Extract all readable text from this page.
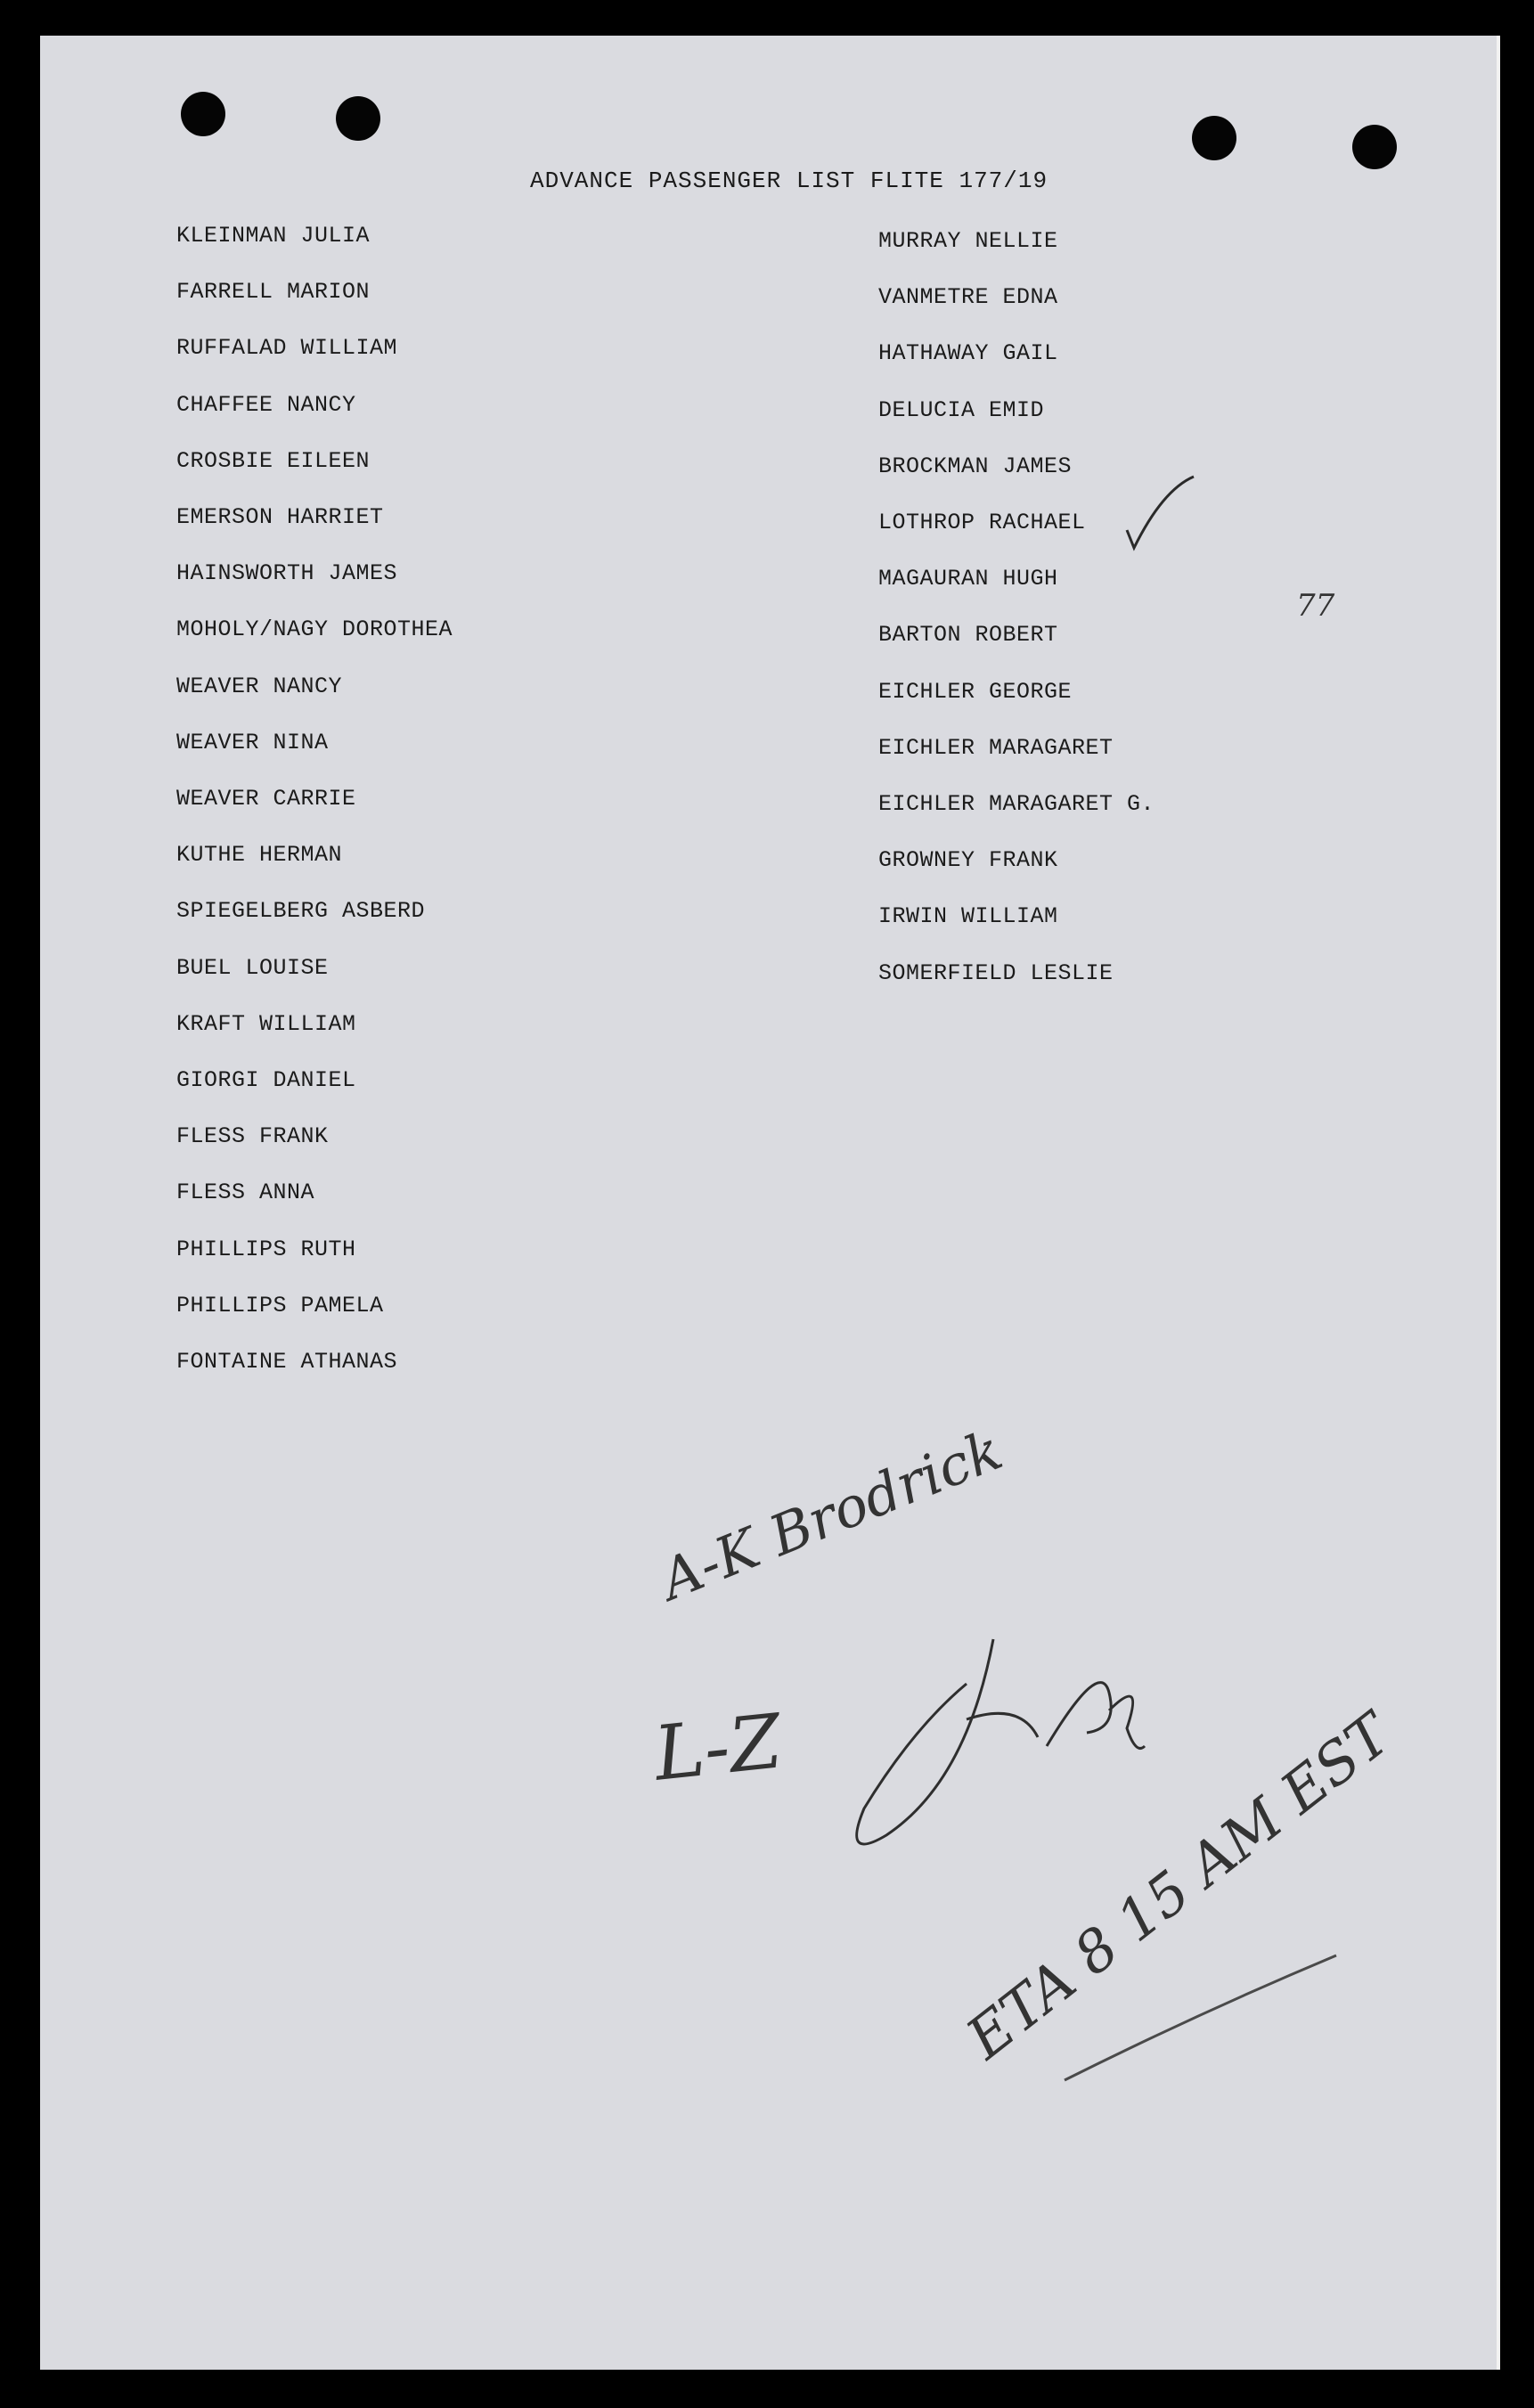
ADVANCE PASSENGER LIST FLITE 177/19
KLEINMAN JULIA
FARRELL MARION
RUFFALAD WILLIAM
CHAFFEE NANCY
CROSBIE EILEEN
EMERSON HARRIET
HAINSWORTH JAMES
MOHOLY/NAGY DOROTHEA
WEAVER NANCY
WEAVER NINA
WEAVER CARRIE
KUTHE HERMAN
SPIEGELBERG ASBERD
BUEL LOUISE
KRAFT WILLIAM
GIORGI DANIEL
FLESS FRANK
FLESS ANNA
PHILLIPS RUTH
PHILLIPS PAMELA
FONTAINE ATHANAS
MURRAY NELLIE
VANMETRE EDNA
HATHAWAY GAIL
DELUCIA EMID
BROCKMAN JAMES
LOTHROP RACHAEL
MAGAURAN HUGH
BARTON ROBERT
EICHLER GEORGE
EICHLER MARAGARET
EICHLER MARAGARET G.
GROWNEY FRANK
IRWIN WILLIAM
SOMERFIELD LESLIE
77
A-K Brodrick
L-Z	ETA 8 15 AM EST
